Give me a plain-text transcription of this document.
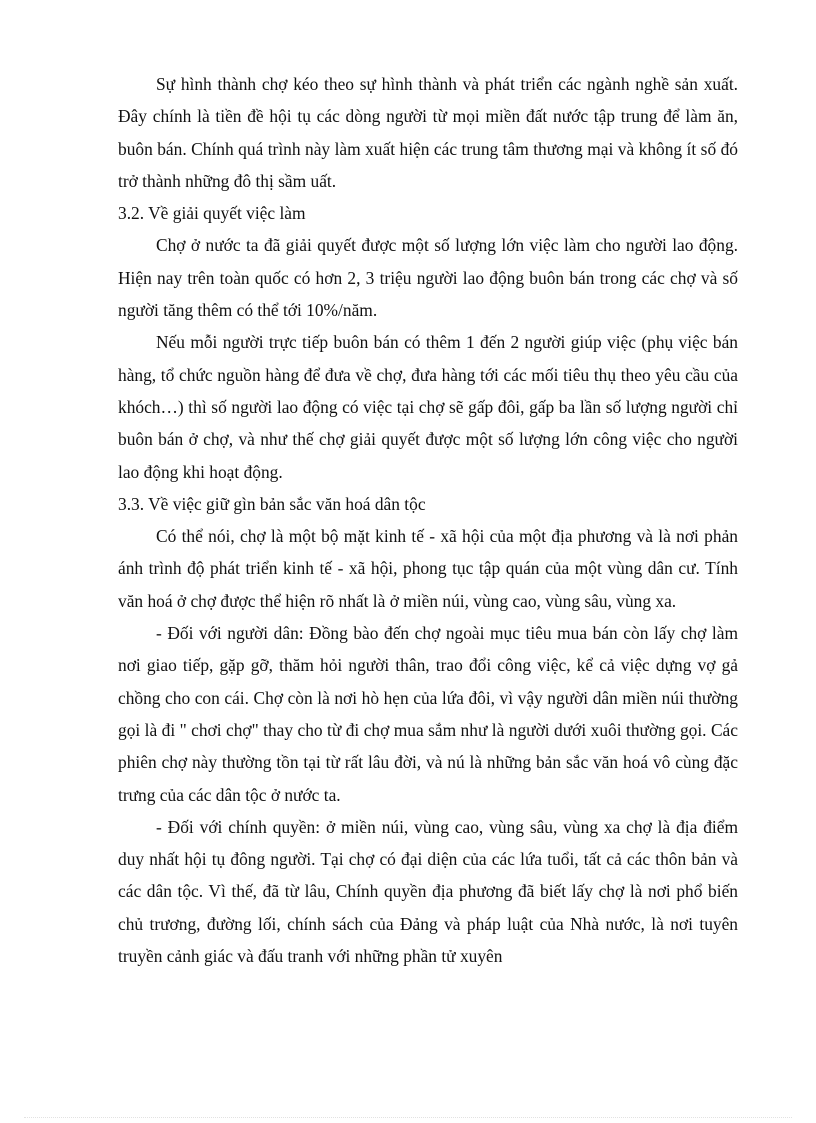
Sự hình thành chợ kéo theo sự hình thành và phát triển các ngành nghề sản xuất. Đây chính là tiền đề hội tụ các dòng người từ mọi miền đất nước tập trung để làm ăn, buôn bán. Chính quá trình này làm xuất hiện các trung tâm thương mại và không ít số đó trở thành những đô thị sầm uất.

3.2. Về giải quyết việc làm

Chợ ở nước ta đã giải quyết được một số lượng lớn việc làm cho người lao động. Hiện nay trên toàn quốc có hơn 2, 3 triệu người lao động buôn bán trong các chợ và số người tăng thêm có thể tới 10%/năm.

Nếu mỗi người trực tiếp buôn bán có thêm 1 đến 2 người giúp việc (phụ việc bán hàng, tổ chức nguồn hàng để đưa về chợ, đưa hàng tới các mối tiêu thụ theo yêu cầu của khóch…) thì số người lao động có việc tại chợ sẽ gấp đôi, gấp ba lần số lượng người chỉ buôn bán ở chợ, và như thế chợ giải quyết được một số lượng lớn công việc cho người lao động khi hoạt động.

3.3. Về việc giữ gìn bản sắc văn hoá dân tộc

Có thể nói, chợ là một bộ mặt kinh tế - xã hội của một địa phương và là nơi phản ánh trình độ phát triển kinh tế - xã hội, phong tục tập quán của một vùng dân cư. Tính văn hoá ở chợ được thể hiện rõ nhất là ở miền núi, vùng cao, vùng sâu, vùng xa.

- Đối với người dân: Đồng bào đến chợ ngoài mục tiêu mua bán còn lấy chợ làm nơi giao tiếp, gặp gỡ, thăm hỏi người thân, trao đổi công việc, kể cả việc dựng vợ gả chồng cho con cái. Chợ còn là nơi hò hẹn của lứa đôi, vì vậy người dân miền núi thường gọi là đi " chơi chợ" thay cho từ đi chợ mua sắm như là người dưới xuôi thường gọi. Các phiên chợ này thường tồn tại từ rất lâu đời, và nú là những bản sắc văn hoá vô cùng đặc trưng của các dân tộc ở nước ta.

- Đối với chính quyền: ở miền núi, vùng cao, vùng sâu, vùng xa chợ là địa điểm duy nhất hội tụ đông người. Tại chợ có đại diện của các lứa tuổi, tất cả các thôn bản và các dân tộc. Vì thế, đã từ lâu, Chính quyền địa phương đã biết lấy chợ là nơi phổ biến chủ trương, đường lối, chính sách của Đảng và pháp luật của Nhà nước, là nơi tuyên truyền cảnh giác và đấu tranh với những phần tử xuyên
